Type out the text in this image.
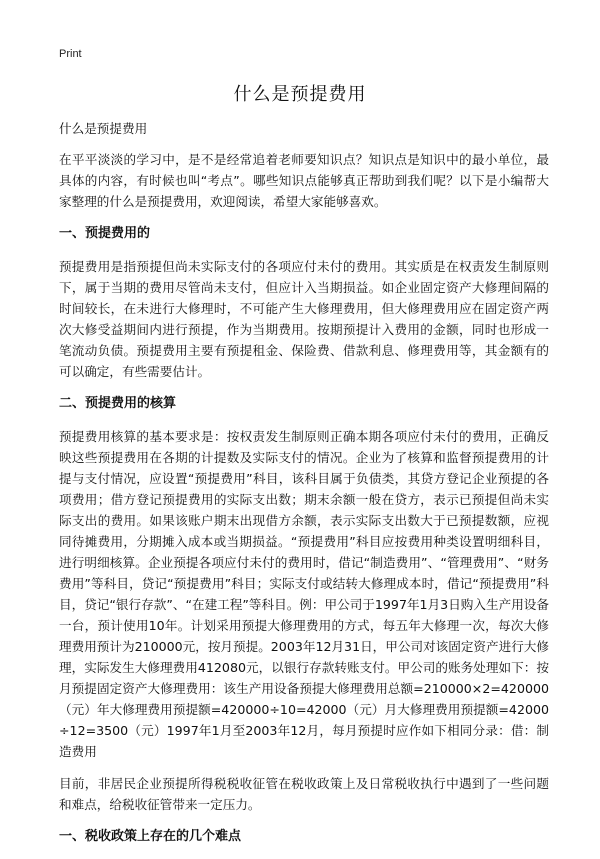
Print
什么是预提费用

什么是预提费用

在平平淡淡的学习中，是不是经常追着老师要知识点？知识点是知识中的最小单位，最具体的内容，有时候也叫“考点”。哪些知识点能够真正帮助到我们呢？以下是小编帮大家整理的什么是预提费用，欢迎阅读，希望大家能够喜欢。

一、预提费用的

预提费用是指预提但尚未实际支付的各项应付未付的费用。其实质是在权责发生制原则下，属于当期的费用尽管尚未支付，但应计入当期损益。如企业固定资产大修理间隔的时间较长，在未进行大修理时，不可能产生大修理费用，但大修理费用应在固定资产两次大修受益期间内进行预提，作为当期费用。按期预提计入费用的金额，同时也形成一笔流动负债。预提费用主要有预提租金、保险费、借款利息、修理费用等，其金额有的可以确定，有些需要估计。

二、预提费用的核算

预提费用核算的基本要求是：按权责发生制原则正确本期各项应付未付的费用，正确反映这些预提费用在各期的计提数及实际支付的情况。企业为了核算和监督预提费用的计提与支付情况，应设置“预提费用”科目，该科目属于负债类，其贷方登记企业预提的各项费用；借方登记预提费用的实际支出数；期末余额一般在贷方，表示已预提但尚未实际支出的费用。如果该账户期末出现借方余额，表示实际支出数大于已预提数额，应视同待摊费用，分期摊入成本或当期损益。“预提费用”科目应按费用种类设置明细科目，进行明细核算。企业预提各项应付未付的费用时，借记“制造费用”、“管理费用”、“财务费用”等科目，贷记“预提费用”科目；实际支付或结转大修理成本时，借记“预提费用”科目，贷记“银行存款”、“在建工程”等科目。例：甲公司于1997年1月3日购入生产用设备一台，预计使用10年。计划采用预提大修理费用的方式，每五年大修理一次，每次大修理费用预计为210000元，按月预提。2003年12月31日，甲公司对该固定资产进行大修理，实际发生大修理费用412080元，以银行存款转账支付。甲公司的账务处理如下：按月预提固定资产大修理费用：该生产用设备预提大修理费用总额=210000×2=420000（元）年大修理费用预提额=420000÷10=42000（元）月大修理费用预提额=42000÷12=3500（元）1997年1月至2003年12月，每月预提时应作如下相同分录：借：制造费用

目前，非居民企业预提所得税税收征管在税收政策上及日常税收执行中遇到了一些问题和难点，给税收征管带来一定压力。

一、税收政策上存在的几个难点
